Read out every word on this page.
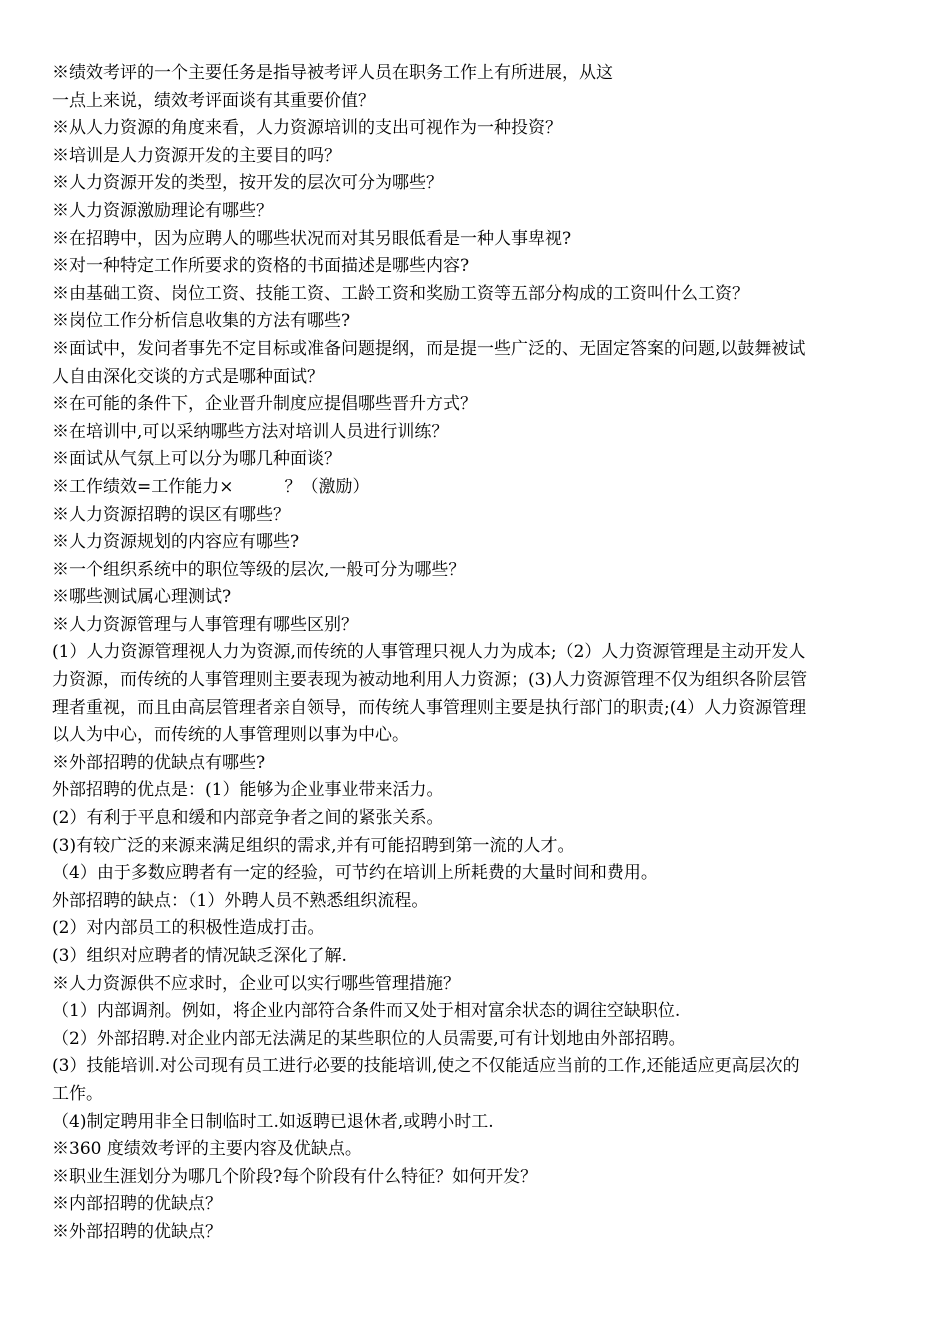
※绩效考评的一个主要任务是指导被考评人员在职务工作上有所进展，从这
一点上来说，绩效考评面谈有其重要价值？
※从人力资源的角度来看，人力资源培训的支出可视作为一种投资？
※培训是人力资源开发的主要目的吗？
※人力资源开发的类型，按开发的层次可分为哪些？
※人力资源激励理论有哪些？
※在招聘中，因为应聘人的哪些状况而对其另眼低看是一种人事卑视?
※对一种特定工作所要求的资格的书面描述是哪些内容?
※由基础工资、岗位工资、技能工资、工龄工资和奖励工资等五部分构成的工资叫什么工资？
※岗位工作分析信息收集的方法有哪些?
※面试中，发问者事先不定目标或准备问题提纲，而是提一些广泛的、无固定答案的问题,以鼓舞被试
人自由深化交谈的方式是哪种面试？
※在可能的条件下，企业晋升制度应提倡哪些晋升方式？
※在培训中,可以采纳哪些方法对培训人员进行训练？
※面试从气氛上可以分为哪几种面谈？
※工作绩效=工作能力×　　　？（激励）
※人力资源招聘的误区有哪些？
※人力资源规划的内容应有哪些?
※一个组织系统中的职位等级的层次,一般可分为哪些？
※哪些测试属心理测试?
※人力资源管理与人事管理有哪些区别？
(1）人力资源管理视人力为资源,而传统的人事管理只视人力为成本;（2）人力资源管理是主动开发人
力资源，而传统的人事管理则主要表现为被动地利用人力资源；(3)人力资源管理不仅为组织各阶层管
理者重视，而且由高层管理者亲自领导，而传统人事管理则主要是执行部门的职责;(4）人力资源管理
以人为中心，而传统的人事管理则以事为中心。
※外部招聘的优缺点有哪些?
外部招聘的优点是：(1）能够为企业事业带来活力。
(2）有利于平息和缓和内部竞争者之间的紧张关系。
(3)有较广泛的来源来满足组织的需求,并有可能招聘到第一流的人才。
（4）由于多数应聘者有一定的经验，可节约在培训上所耗费的大量时间和费用。
外部招聘的缺点：（1）外聘人员不熟悉组织流程。
(2）对内部员工的积极性造成打击。
(3）组织对应聘者的情况缺乏深化了解.
※人力资源供不应求时，企业可以实行哪些管理措施？
（1）内部调剂。例如，将企业内部符合条件而又处于相对富余状态的调往空缺职位.
（2）外部招聘.对企业内部无法满足的某些职位的人员需要,可有计划地由外部招聘。
(3）技能培训.对公司现有员工进行必要的技能培训,使之不仅能适应当前的工作,还能适应更高层次的
工作。
（4)制定聘用非全日制临时工.如返聘已退休者,或聘小时工.
※360 度绩效考评的主要内容及优缺点。
※职业生涯划分为哪几个阶段?每个阶段有什么特征？如何开发？
※内部招聘的优缺点？
※外部招聘的优缺点？
